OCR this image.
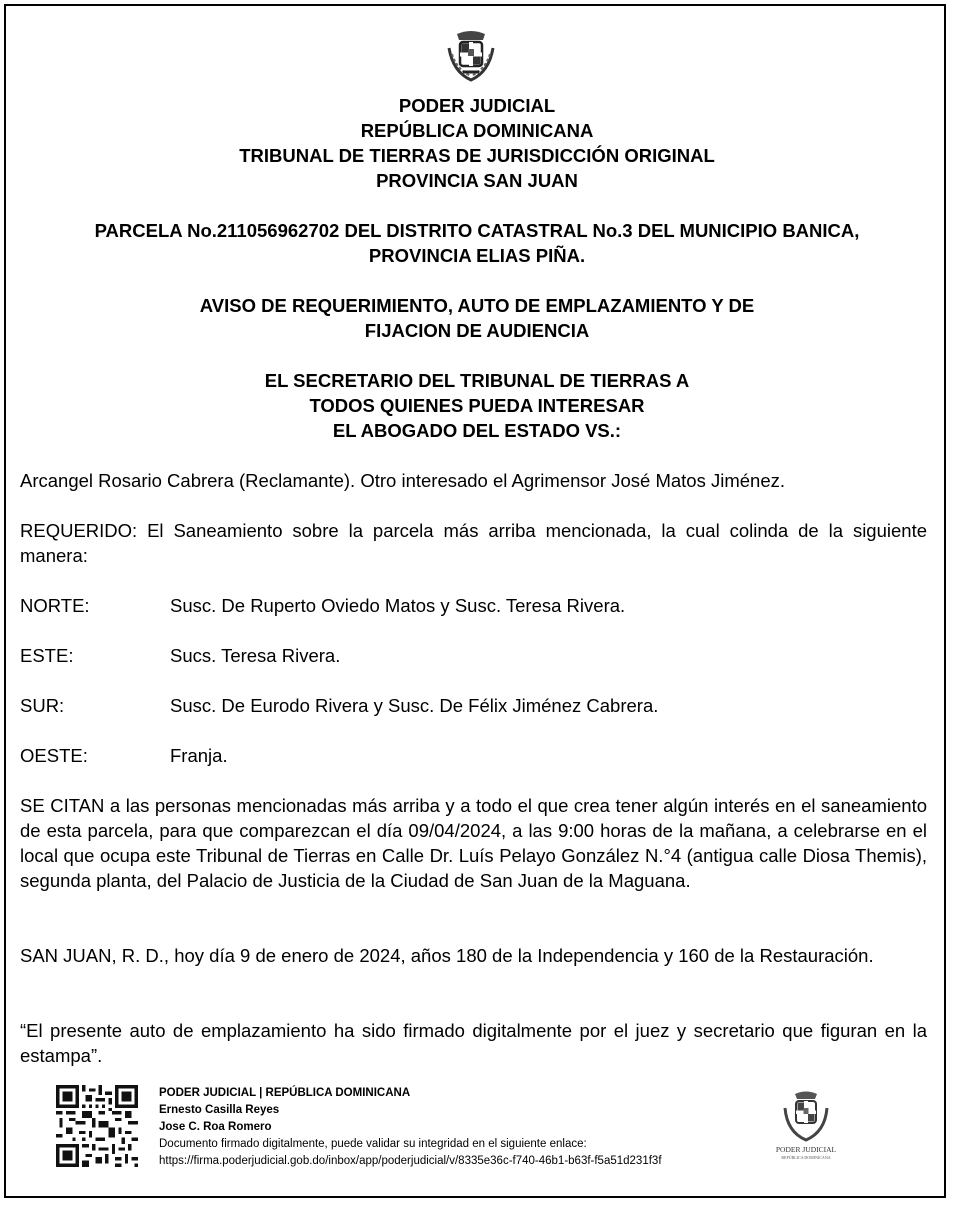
PODER JUDICIAL
REPÚBLICA DOMINICANA
TRIBUNAL DE TIERRAS DE JURISDICCIÓN ORIGINAL
PROVINCIA SAN JUAN
PARCELA No.211056962702 DEL DISTRITO CATASTRAL No.3 DEL MUNICIPIO BANICA,
PROVINCIA ELIAS PIÑA.
AVISO DE REQUERIMIENTO, AUTO DE EMPLAZAMIENTO Y DE
FIJACION DE AUDIENCIA
EL SECRETARIO DEL TRIBUNAL DE TIERRAS A
TODOS QUIENES PUEDA INTERESAR
EL ABOGADO DEL ESTADO VS.:
Arcangel Rosario Cabrera (Reclamante). Otro interesado el Agrimensor José Matos Jiménez.
REQUERIDO: El Saneamiento sobre la parcela más arriba mencionada, la cual colinda de la siguiente manera:
NORTE:	Susc. De Ruperto Oviedo Matos y Susc. Teresa Rivera.
ESTE:	Sucs. Teresa Rivera.
SUR:	Susc. De Eurodo Rivera y Susc. De Félix Jiménez Cabrera.
OESTE:	Franja.
SE CITAN a las personas mencionadas más arriba y a todo el que crea tener algún interés en el saneamiento de esta parcela, para que comparezcan el día 09/04/2024, a las 9:00 horas de la mañana, a celebrarse en el local que ocupa este Tribunal de Tierras en Calle Dr. Luís Pelayo González N.°4 (antigua calle Diosa Themis), segunda planta, del Palacio de Justicia de la Ciudad de San Juan de la Maguana.
SAN JUAN, R. D., hoy día 9 de enero de 2024, años 180 de la Independencia y 160 de la Restauración.
“El presente auto de emplazamiento ha sido firmado digitalmente por el juez y secretario que figuran en la estampa”.
PODER JUDICIAL | REPÚBLICA DOMINICANA
Ernesto Casilla Reyes
Jose C. Roa Romero
Documento firmado digitalmente, puede validar su integridad en el siguiente enlace:
https://firma.poderjudicial.gob.do/inbox/app/poderjudicial/v/8335e36c-f740-46b1-b63f-f5a51d231f3f
PODER JUDICIAL
REPÚBLICA DOMINICANA
